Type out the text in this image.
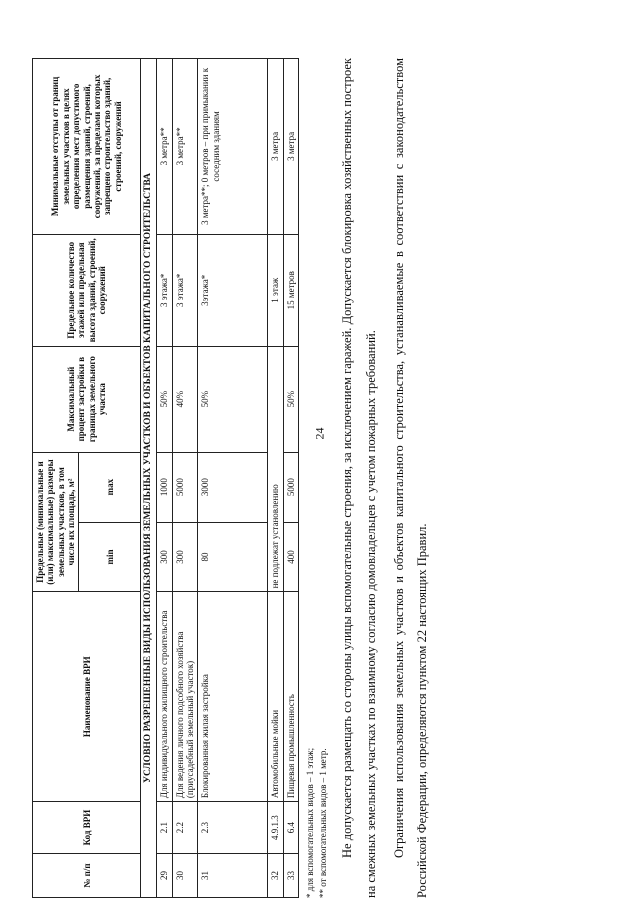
24
№ п/п	Код ВРИ	Наименование ВРИ	Предельные (минимальные и (или) максимальные) размеры земельных участков, в том числе их площадь, м²		Максимальный процент застройки в границах земельного участка	Предельное количество этажей или предельная высота зданий, строений, сооружений	Минимальные отступы от границ земельных участков в целях определения мест допустимого размещения зданий, строений, сооружений, за пределами которых запрещено строительство зданий, строений, сооружений
			min	max			
УСЛОВНО РАЗРЕШЕННЫЕ ВИДЫ ИСПОЛЬЗОВАНИЯ ЗЕМЕЛЬНЫХ УЧАСТКОВ И ОБЪЕКТОВ КАПИТАЛЬНОГО СТРОИТЕЛЬСТВА							
29	2.1	Для индивидуального жилищного строительства	300	1000	50%	3 этажа*	3 метра**
30	2.2	Для ведения личного подсобного хозяйства (приусадебный земельный участок)	300	5000	40%	3 этажа*	3 метра**
31	2.3	Блокированная жилая застройка	80	3000	50%	3этажа*	3 метра**; 0 метров – при примыкании к соседним зданиям
32	4.9.1.3	Автомобильные мойки	не подлежат установлению			1 этаж	3 метра
33	6.4	Пищевая промышленность	400	5000	50%	15 метров	3 метра
* для вспомогательных видов – 1 этаж; ** от вспомогательных видов – 1 метр. Не допускается размещать со стороны улицы вспомогательные строения, за исключением гаражей. Допускается блокировка хозяйственных построек на смежных земельных участках по взаимному согласию домовладельцев с учетом пожарных требований.	Ограничения использования земельных участков и объектов капитального строительства, устанавливаемые в соответствии с законодательством Российской Федерации, определяются пунктом 22 настоящих Правил.
